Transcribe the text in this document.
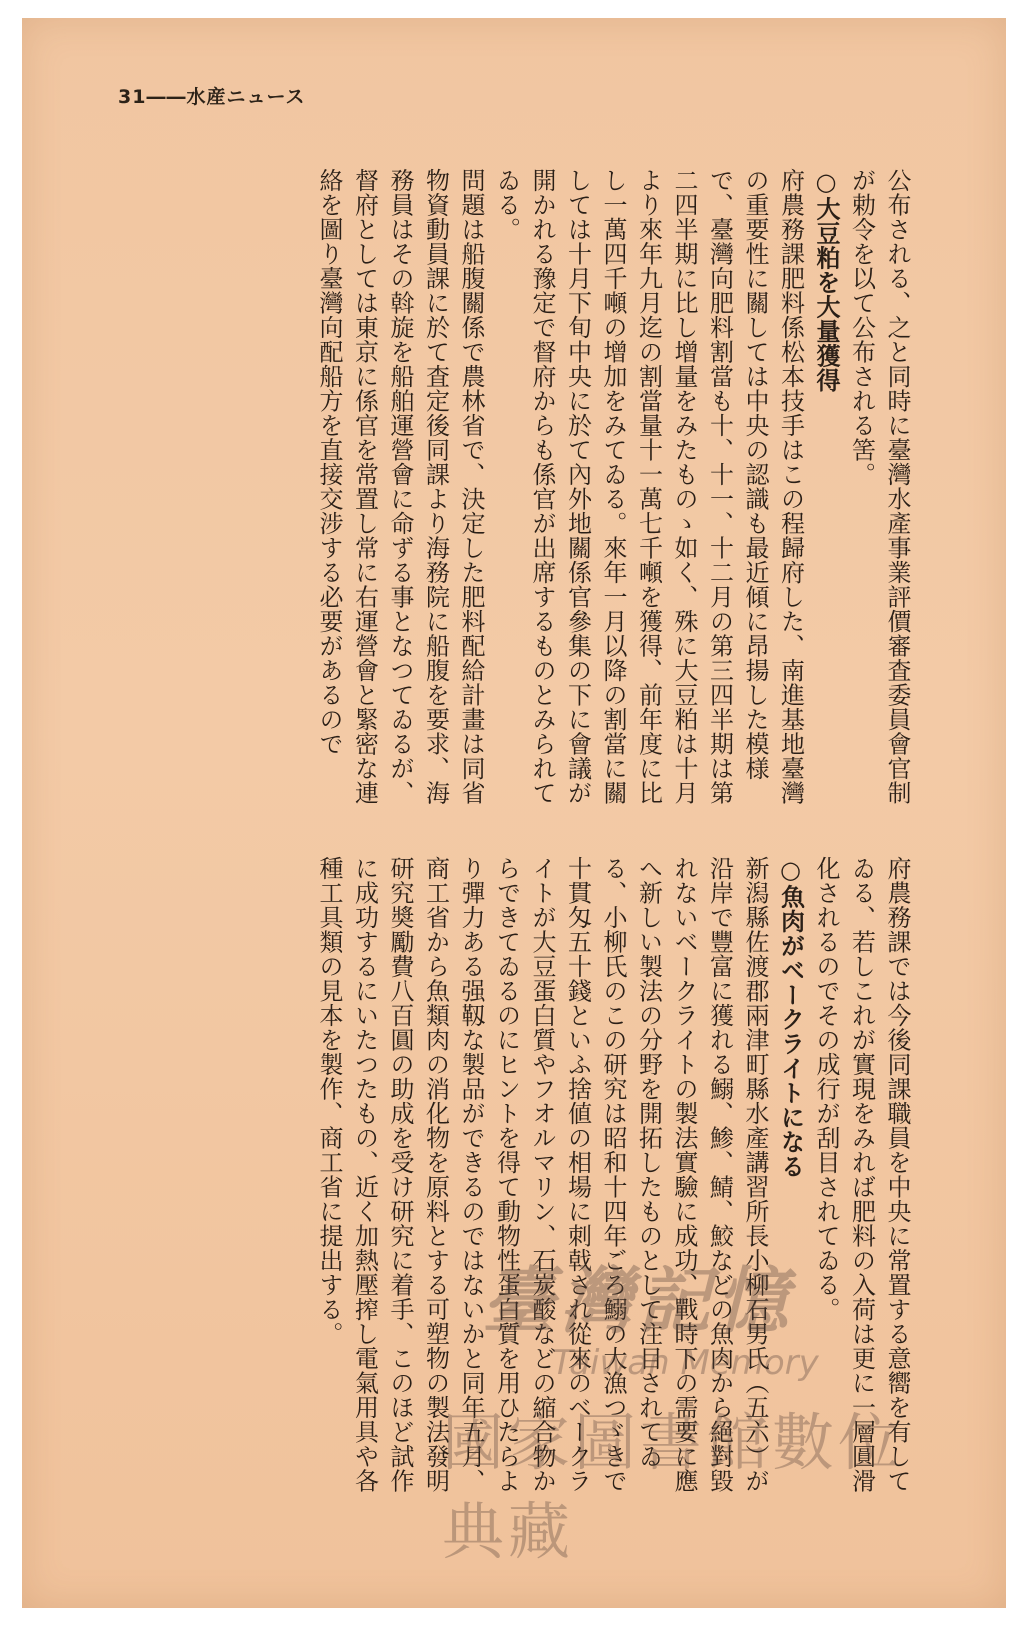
31――水産ニュース

公布される、之と同時に臺灣水產事業評價審査委員會官制が勅令を以て公布される筈。

○大豆粕を大量獲得

府農務課肥料係松本技手はこの程歸府した、南進基地臺灣の重要性に關しては中央の認識も最近傾に昂揚した模様で、臺灣向肥料割當も十、十一、十二月の第三四半期は第二四半期に比し增量をみたものゝ如く、殊に大豆粕は十月より來年九月迄の割當量十一萬七千噸を獲得、前年度に比し一萬四千噸の增加をみてゐる。來年一月以降の割當に關しては十月下旬中央に於て內外地關係官參集の下に會議が開かれる豫定で督府からも係官が出席するものとみられてゐる。

問題は船腹關係で農林省で、決定した肥料配給計畫は同省物資動員課に於て査定後同課より海務院に船腹を要求、海務員はその斡旋を船舶運營會に命ずる事となつてゐるが、督府としては東京に係官を常置し常に右運營會と緊密な連絡を圖り臺灣向配船方を直接交涉する必要があるので

府農務課では今後同課職員を中央に常置する意嚮を有してゐる、若しこれが實現をみれば肥料の入荷は更に一層圓滑化されるのでその成行が刮目されてゐる。

○魚肉がベークライトになる

新潟縣佐渡郡兩津町縣水產講習所長小柳石男氏（五六）が沿岸で豐富に獲れる鰯、鯵、鯖、鮫などの魚肉から絕對毀れないベークライトの製法實驗に成功、戰時下の需要に應へ新しい製法の分野を開拓したものとして注目されてゐる、小柳氏のこの研究は昭和十四年ごろ鰯の大漁つゞきで十貫匁五十錢といふ捨値の相場に刺戟され從來のベークライトが大豆蛋白質やフオルマリン、石炭酸などの縮合物からできてゐるのにヒントを得て動物性蛋白質を用ひたらより彈力ある强靱な製品ができるのではないかと同年五月、商工省から魚類肉の消化物を原料とする可塑物の製法發明研究奬勵費八百圓の助成を受け研究に着手、このほど試作に成功するにいたつたもの、近く加熱壓搾し電氣用具や各種工具類の見本を製作、商工省に提出する。	臺灣記憶
Taiwan Memory
國家圖書館數位典藏
